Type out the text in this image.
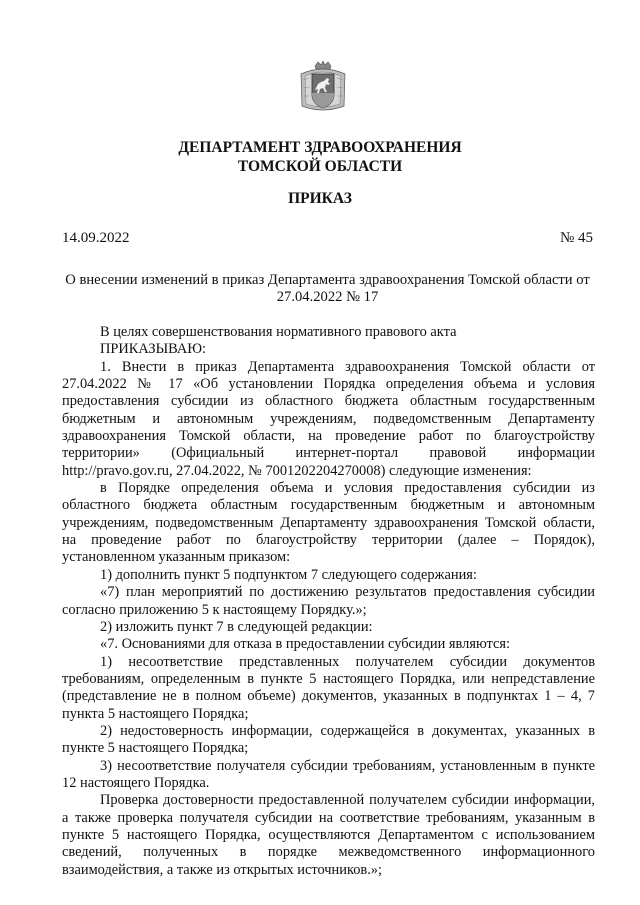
ДЕПАРТАМЕНТ ЗДРАВООХРАНЕНИЯ
ТОМСКОЙ ОБЛАСТИ
ПРИКАЗ
14.09.2022	№ 45
О внесении изменений в приказ Департамента здравоохранения Томской области от 27.04.2022 № 17

В целях совершенствования нормативного правового акта

ПРИКАЗЫВАЮ:

1. Внести в приказ Департамента здравоохранения Томской области от 27.04.2022 № 17 «Об установлении Порядка определения объема и условия предоставления субсидии из областного бюджета областным государственным бюджетным и автономным учреждениям, подведомственным Департаменту здравоохранения Томской области, на проведение работ по благоустройству территории» (Официальный интернет-портал правовой информации http://pravo.gov.ru, 27.04.2022, № 7001202204270008) следующие изменения:

в Порядке определения объема и условия предоставления субсидии из областного бюджета областным государственным бюджетным и автономным учреждениям, подведомственным Департаменту здравоохранения Томской области, на проведение работ по благоустройству территории (далее – Порядок), установленном указанным приказом:

1) дополнить пункт 5 подпунктом 7 следующего содержания:

«7) план мероприятий по достижению результатов предоставления субсидии согласно приложению 5 к настоящему Порядку.»;

2) изложить пункт 7 в следующей редакции:

«7. Основаниями для отказа в предоставлении субсидии являются:

1) несоответствие представленных получателем субсидии документов требованиям, определенным в пункте 5 настоящего Порядка, или непредставление (представление не в полном объеме) документов, указанных в подпунктах 1 – 4, 7 пункта 5 настоящего Порядка;

2) недостоверность информации, содержащейся в документах, указанных в пункте 5 настоящего Порядка;

3) несоответствие получателя субсидии требованиям, установленным в пункте 12 настоящего Порядка.

Проверка достоверности предоставленной получателем субсидии информации, а также проверка получателя субсидии на соответствие требованиям, указанным в пункте 5 настоящего Порядка, осуществляются Департаментом с использованием сведений, полученных в порядке межведомственного информационного взаимодействия, а также из открытых источников.»;
